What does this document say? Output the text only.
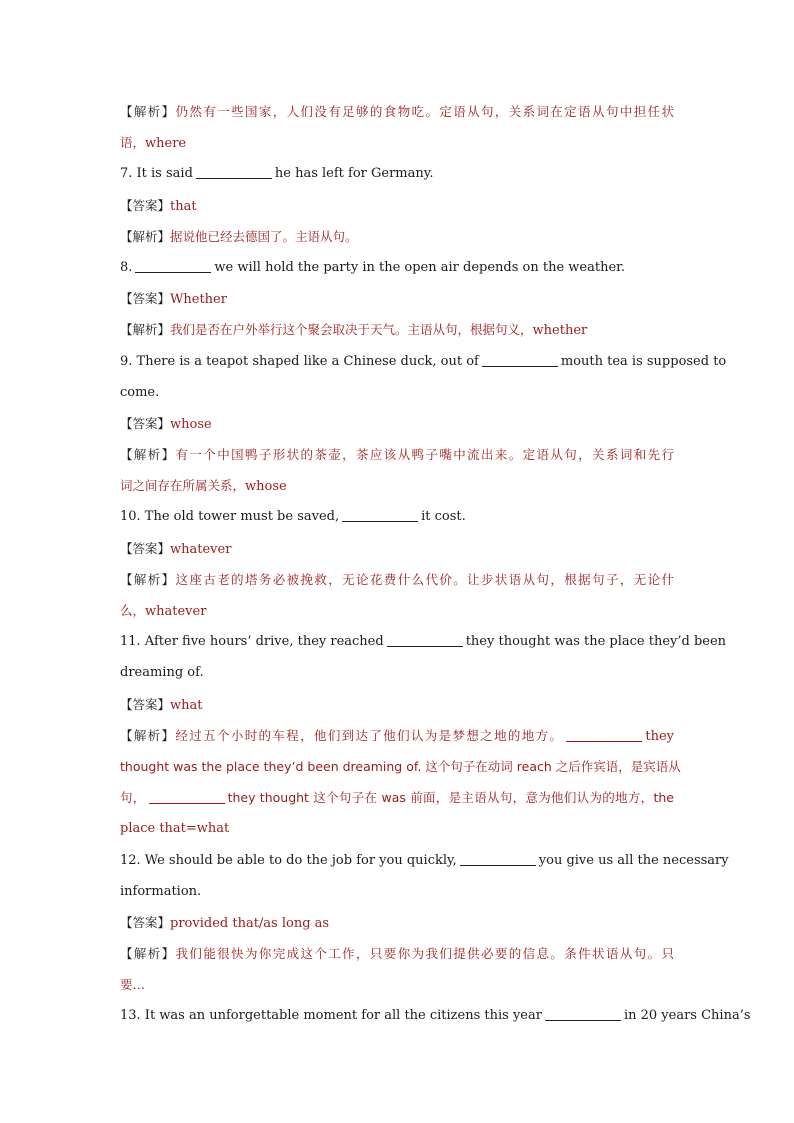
【解析】仍然有一些国家，人们没有足够的食物吃。定语从句，关系词在定语从句中担任状
语，where
7. It is said	he has left for Germany.
【答案】that
【解析】据说他已经去德国了。主语从句。
8.	we will hold the party in the open air depends on the weather.
【答案】Whether
【解析】我们是否在户外举行这个聚会取决于天气。主语从句，根据句义，whether
9. There is a teapot shaped like a Chinese duck, out of	mouth tea is supposed to
come.
【答案】whose
【解析】有一个中国鸭子形状的茶壶，茶应该从鸭子嘴中流出来。定语从句，关系词和先行
词之间存在所属关系，whose
10. The old tower must be saved,	it cost.
【答案】whatever
【解析】这座古老的塔务必被挽救，无论花费什么代价。让步状语从句，根据句子，无论什
么，whatever
11. After five hours’ drive, they reached	they thought was the place they’d been
dreaming of.
【答案】what
【解析】经过五个小时的车程，他们到达了他们认为是梦想之地的地方。	they
thought was the place they’d been dreaming of. 这个句子在动词 reach 之后作宾语，是宾语从
句，	they thought 这个句子在 was 前面，是主语从句，意为他们认为的地方，the
place that=what
12. We should be able to do the job for you quickly,	you give us all the necessary
information.
【答案】provided that/as long as
【解析】我们能很快为你完成这个工作，只要你为我们提供必要的信息。条件状语从句。只
要…
13. It was an unforgettable moment for all the citizens this year	in 20 years China’s
